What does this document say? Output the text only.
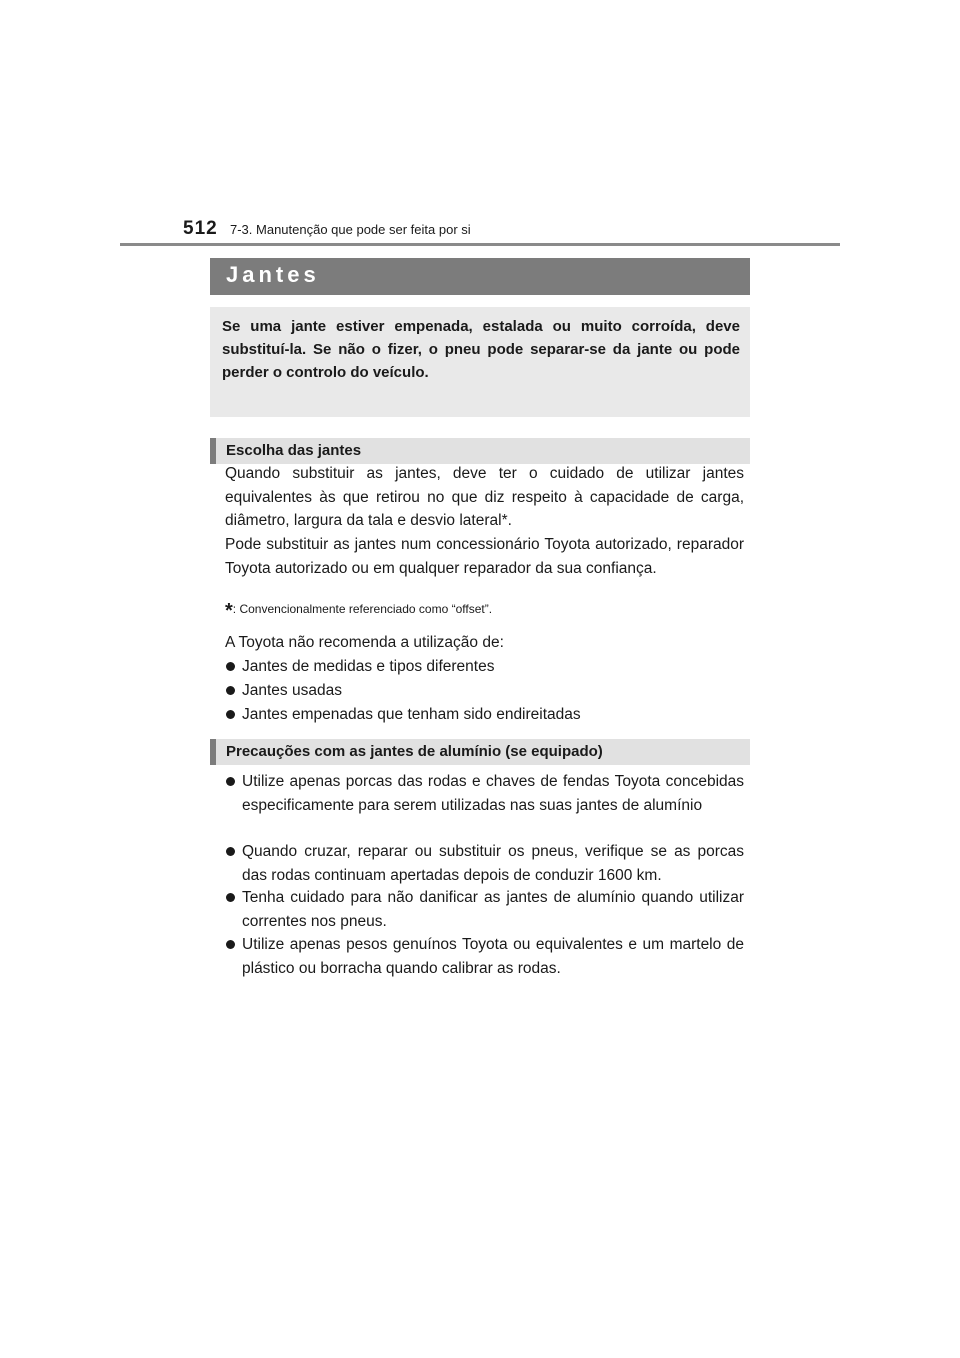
512 7-3. Manutenção que pode ser feita por si
Jantes

Se uma jante estiver empenada, estalada ou muito corroída, deve substituí-la. Se não o fizer, o pneu pode separar-se da jante ou pode perder o controlo do veículo.

Escolha das jantes

Quando substituir as jantes, deve ter o cuidado de utilizar jantes equivalentes às que retirou no que diz respeito à capacidade de carga, diâmetro, largura da tala e desvio lateral*.

Pode substituir as jantes num concessionário Toyota autorizado, reparador Toyota autorizado ou em qualquer reparador da sua confiança.

*: Convencionalmente referenciado como “offset”.

A Toyota não recomenda a utilização de:

Jantes de medidas e tipos diferentes
Jantes usadas
Jantes empenadas que tenham sido endireitadas
Precauções com as jantes de alumínio (se equipado)
Utilize apenas porcas das rodas e chaves de fendas Toyota concebidas especificamente para serem utilizadas nas suas jantes de alumínio
Quando cruzar, reparar ou substituir os pneus, verifique se as porcas das rodas continuam apertadas depois de conduzir 1600 km.
Tenha cuidado para não danificar as jantes de alumínio quando utilizar correntes nos pneus.
Utilize apenas pesos genuínos Toyota ou equivalentes e um martelo de plástico ou borracha quando calibrar as rodas.
